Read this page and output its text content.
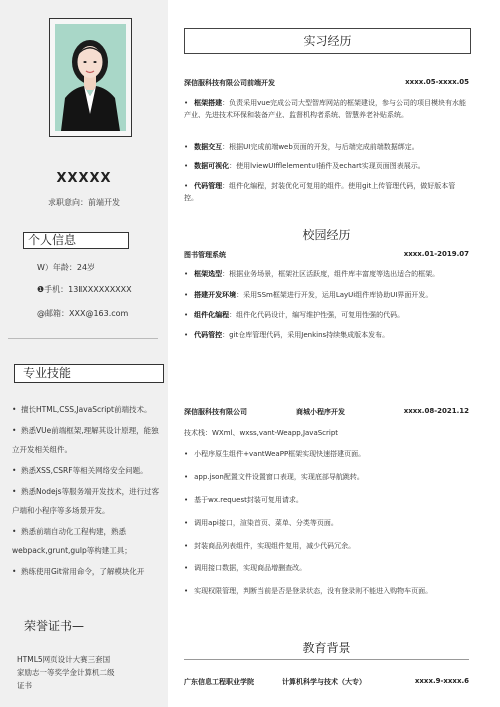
XXXXX
求职意向：前端开发
个人信息
W）年龄：24岁
❶手机：13ⅡXXXXXXXXX
@邮箱：XXX@163.com
专业技能

• 擅长HTML,CSS,JavaScript前端技术。

• 熟悉VUe前端框架,理解其设计原理，能独立开发相关组件。

• 熟悉XSS,CSRF等相关网络安全问题。

• 熟悉Nodejs等服务端开发技术，进行过客户端和小程序等多场景开发。

• 熟悉前端自动化工程构建，熟悉webpack,grunt,gulp等构建工具；

• 熟练使用Git常用命令，了解模块化开

荣誉证书—
HTML5网页设计大赛三套国
家励志一等奖学金计算机二级
证书
实习经历
深信服科技有限公司前端开发	xxxx.05-xxxx.05
• 框架搭建：负责采用vue完成公司大型智库网站的框架建设，参与公司的项目模块有水能产业、先进技术环保和装备产业、监督机构者系统、智慧养老补贴系统。
• 数据交互：根据UI完成前端web页面的开发，与后端完成前端数据绑定。
• 数据可视化：使用lviewUIfflelement∪I插件及echart实现页面图表展示。
• 代码管理：组件化编程，封装优化可复用的组件。使用git上传管理代码，做好版本管控。
校园经历
图书管理系统	xxxx.01-2019.07
• 框架选型：根据业务场景，框架社区活跃度，组件库丰富度等选出适合的框架。
• 搭建开发环境：采用SSm框架进行开发，运用LayUi组件库协助UI界面开发。
• 组件化编程：组件化代码设计，编写维护性强，可复用性强的代码。
• 代码管控：git仓库管理代码，采用Jenkins持续集成版本发布。
深信服科技有限公司	商城小程序开发	xxxx.08-2021.12
技术栈：WXml、wxss,vant-Weapp,JavaScript
• 小程序原生组件+vantWeaPP框架实现快速搭建页面。
• app.json配置文件设置窗口表现，实现底部导航跳转。
• 基于wx.request封装可复用请求。
• 调用api接口，渲染首页、菜单、分类等页面。
• 封装商品列表组件，实现组件复用，减少代码冗余。
• 调用接口数据，实现商品增删查改。
• 实现权限管理，判断当前是否是登录状态，没有登录则不能进入购物车页面。
教育背景
广东信息工程职业学院	计算机科学与技术（大专）	xxxx.9-xxxx.6
